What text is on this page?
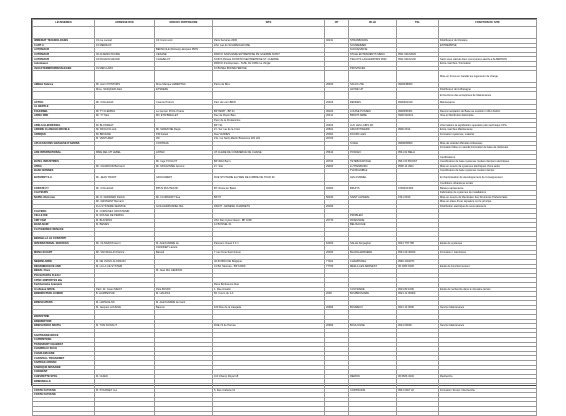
LEUSSERIES	ADRESSE RUE	NOM DU PARTENAIRE	SITE	CP	VILLE	TEL	FONCTION DU SITE

IMMEDIAT TECHNOLOGIES	31 rue Lamart	CF Communic	Paris Services 2006	92211	STRASBOURG		Distributeur du Finistere
3 ART A	16 MERIEUX		ZAC Lac de SCHWEIGHOUSE		SOUWEIMEN		ENTREPRISE
AUTOMAUR		BENSLOLE (Debeat)-Jacques PRIN			SUCCESSIFIE		
AUTOMAUR	40 ALSEMA PACINE	CESANE	PARCO SANS EMIE ENTREPRISE PE GUERRE SOINT		STALE ENTRAMENTS MEDA	0511 62102033	
AUTOMAUR	34 PHILEIN GRAND	CHAMELOT	SOINT ANGLE DONSTAYSENTREPRISE ST. GUERRE		TIELCITS LAGUERPORS 0002	0511 62102132	Saint sous calcule dans communes-Laterils a ALDEPRON
Automauco			PARCO d'entreprises - N.ZE, Rs 1965 rue d'ingle				Entre-marches / Formation
AVALETEMMOSPRESSLEGEE	01 MEICLARO		10 BOSEL BONSEYEROSE		PROVINCES		
							Mise en forma en nacelle les ingenieurs de charge
AMBLE Fabrice	Mr. Henri PONTORS	Mme Marque LEBERTHA	Parcs de Biev	20400	SAUCLUTE	0902048053	
	Mme. SASQUER Alain	ETSDEZE			HAYRE UP		Distributeur de la Bretagne
							Et fonctions des entreprises de Maintenance
ACTIOL	Mr. COLLEGIA	Cosmie Proturs	Parc de Lorn BRIN	20403	RENNES	0900402319	Maintenance
AL BERTLE							
FOLERNEL	Mr TY FLEMING	Le Gemon POCL Prairie	BP 09487 - BP 01	06224	LOUISE PUSSES	0900450301	Recommandation de Base au scanform 1011 district
ARISC DRE	Mr. TY Mes	MC ETR BRELLET	Dec de Ptarm Bles	20411	BRONT ARBE	0909 002401	Visa et Distribution Electricite
			Pecc de la Poutanicine				
ARELS ELEFRESSEL	Mr BLONDEAT		BP 741	20403	LUC LES LAIRS FD		Informations la signification operation plan technique CPG
ARIONE CLAMAGE ERIVELE	Mr FROLFOLLLE	Mr. MARZONE Regis	Z.I. Sur rue de la Croix	20601	ARCONTISIERD	0900 2014	Entre-marches Maintenance
ARRIQUE	Mr BROURE	PDI Keisel	Rue VANNES	20001	DOUPA LLES		Formation systemes, materiel
	M. VENTURET	OK	Z.E. rue Saint-Martin Brassinne 261 221	20700			
APLICASCONS GRAGESE D'AMONS		CONTRAIL			S Mole	0909006860	Mise de retarder d'Etudes Artisanaux
							Formation Mise en nacelle Formation de base de Vehicules
ARE INTERNATIONAL	MME DEL MT LEBEL	ANTEC	AT CLERE DE COMMERCE DE CHAISE	25613	PONCEV	0541 62 BELLI	
							Certifications
BATEL INDUSTRIES		Mr. Inge TICULOT	BP 4010 Bat 1	20700	TETEBOURTAGE	0541 62 BOOST	Coordination de base systemes routiers derniers electriques
ATRIA	Mr. CHAMOUR Bertrand	Mr. MOCHINISE Jerome	Z.I. Site	29200	LUTTENBURG	0506 14 2911	Mise en oeuvre de systemes electriques d'une autre
BANC BONNES					TVA BALMBLE		Coordination de base systemes routiers dernier
BATIVERT S.A	Mr. JEAN TRODT	GROULBERT	RUE NTOTERIE ELYDEN DE FUIBRE DE TOUR 26		LES FUMMEL		Et d'optimisation de developpement de l'enseignement
							Conditions urbanisme terrain
CORATE FY	Mr. COLLEGIA	BPUS ROUTES Bl.	BT, Route ler Basin	20000	BRUITS	0700016/000	Baisse-maintenance
CALTEURS							Fabrication de systemes de installations
NAPEL Distroma	Mr. D. FERRAND Patrick	Mr. FLORMONT Sea	BP 07	56160	SAINT ALPERAL	0741 0040	Mise en oeuvre de Rentretien des Structures Prefectorales
	Mr. GROMANT Bernard						Mise en place d'une signature sur le principe
	FLA SYSTEME SERVICE	GUILLIER/PANNEL Bel.	DROIT - ERNESE CHARRETS	20200			Distribution electrique de sous elements
CALTERO	M. CORNINEX GROSTENIR						
CELLE DIE	M. ROUGE DE PERDIA				PROBLEM		
CMT FAM	M. BLATZINO		ZAC Des Cytes Ouest - BP 1006	20770	RIOEUNDIE		
BANA NAIR	M. BENIES		12 BOSSEL 01		BELISAUGIE		
CA PIGENSEC RENACE							

BERGELLA LE CONSTRTI							
INTERNATIONAL SERVICES	Mr. OLIVEROS Henri	M. ALEXANDRE de	Parcours Ouest 0 F 1	62300	SALLE Dorpaghet	0621 778 768	Etude de systemes
		CANONET Lazare					
MONA SCIANT	Mr. VAN MALLIN Patrice	Baroeil	7 rue Ovne Saint Ferve	20200	BLANCHARDIERE	0541 09 40940	Formation / Garnitures

NEERNLARDE	M. DE VIANO ALOFRAIN		40-50 BRU DE Belgique	77021	CHAMPUREL	0960 1002071	
REDAMBOCEVE AND	M. LA LA CE SYSTEM		41 Bd. Mercure - BP 10006	77700	MEZLA LES ARRNEST	06 1053 6445	Etude de Fonctionnement
BERAL Flora		M. Jean MIL GENNON					
POLSATAPAS FLEAU							
CPISC EMPORTES Bla							
Fachbetriebe Grandets			Rene Bonheeme Rue				
Groffeleur BRUIL	Patri. Dr. Gwen MEIAT	Pete BOUFF	1. Rue Anselm		COLTRADIE	0621 80 1000	Etude de recherche dans le domaine terrain
BREDRICTERL EUMOR	B. HAMPE/PUR	M. HALIFAX	65. Cours du 1 A	2000	BOUBRUNIARE	0621 12 00000	

BRIESCHTERS	M. HAPAVALNS	M. ALEXANDRE de Gant					
	M. Jacques LOUNGE	Baumin	100 Rue de la Casqade	20993	BOUREUX	0621 13 0000	Service Maintenance

BRIZZETRIE							
BREMERTORI							
BRIESVANKO NFATIA	M. TOM RONAUT		RUE 74 de Parnas	20993	BOULOGNE	0621 00000	Service Maintenance

SANTISANIE BRICE							
CAPRIMTOSIL							
TRANSFERT CHABRAT							
CHARREAU SUCH							
CHARLEMAGNE							
CARAPELL TRIGNOMET							
SAPRIGE ARRIAN							
FABRIQUE MISSANIE							
CHOIXENT							
CHEVRETTE SPOL	M. CHIEN		110 Champ Royal 18		REMON	06 6666 3434	Recherche
BRIBONELLE							

COSTE FAYOUSE	M. POURRET Jen		5, Rue Collecte Nr		CORTRAINS	0541 0007 22	Formation Terrain / Recherche
COSTE FAYOUSE							
